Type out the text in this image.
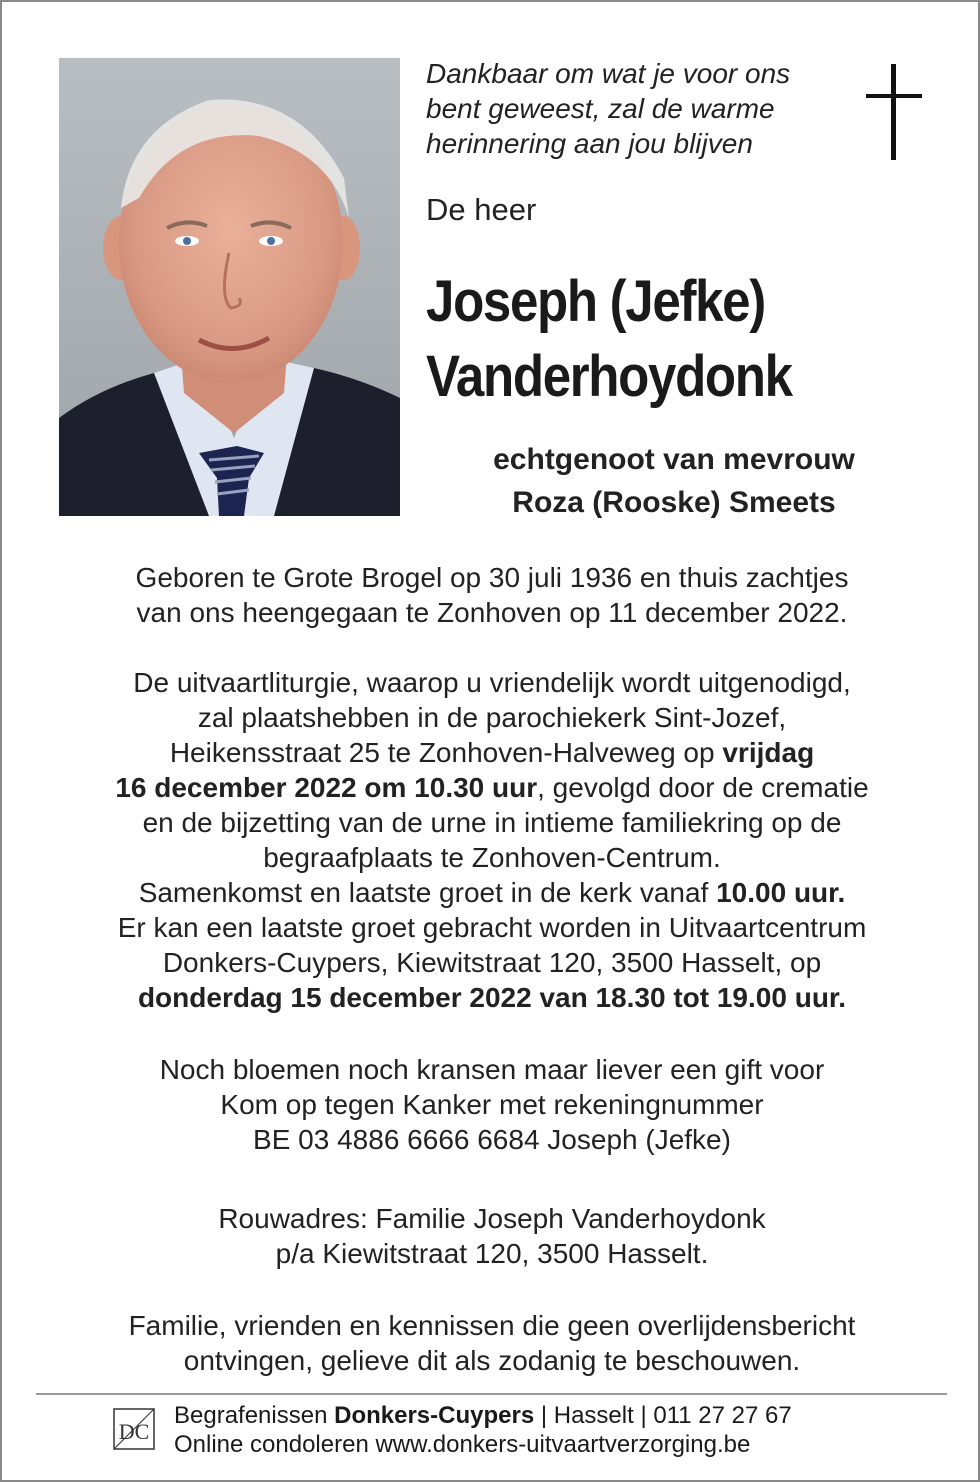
Dankbaar om wat je voor ons
bent geweest, zal de warme
herinnering aan jou blijven
De heer
Joseph (Jefke)
Vanderhoydonk
echtgenoot van mevrouw
Roza (Rooske) Smeets
Geboren te Grote Brogel op 30 juli 1936 en thuis zachtjes
van ons heengegaan te Zonhoven op 11 december 2022.
De uitvaartliturgie, waarop u vriendelijk wordt uitgenodigd,
zal plaatshebben in de parochiekerk Sint-Jozef,
Heikensstraat 25 te Zonhoven-Halveweg op vrijdag
16 december 2022 om 10.30 uur, gevolgd door de crematie
en de bijzetting van de urne in intieme familiekring op de
begraafplaats te Zonhoven-Centrum.
Samenkomst en laatste groet in de kerk vanaf 10.00 uur.
Er kan een laatste groet gebracht worden in Uitvaartcentrum
Donkers-Cuypers, Kiewitstraat 120, 3500 Hasselt, op
donderdag 15 december 2022 van 18.30 tot 19.00 uur.
Noch bloemen noch kransen maar liever een gift voor
Kom op tegen Kanker met rekeningnummer
BE 03 4886 6666 6684 Joseph (Jefke)
Rouwadres: Familie Joseph Vanderhoydonk
p/a Kiewitstraat 120, 3500 Hasselt.
Familie, vrienden en kennissen die geen overlijdensbericht
ontvingen, gelieve dit als zodanig te beschouwen.
DC
Begrafenissen Donkers-Cuypers | Hasselt | 011 27 27 67
Online condoleren www.donkers-uitvaartverzorging.be
